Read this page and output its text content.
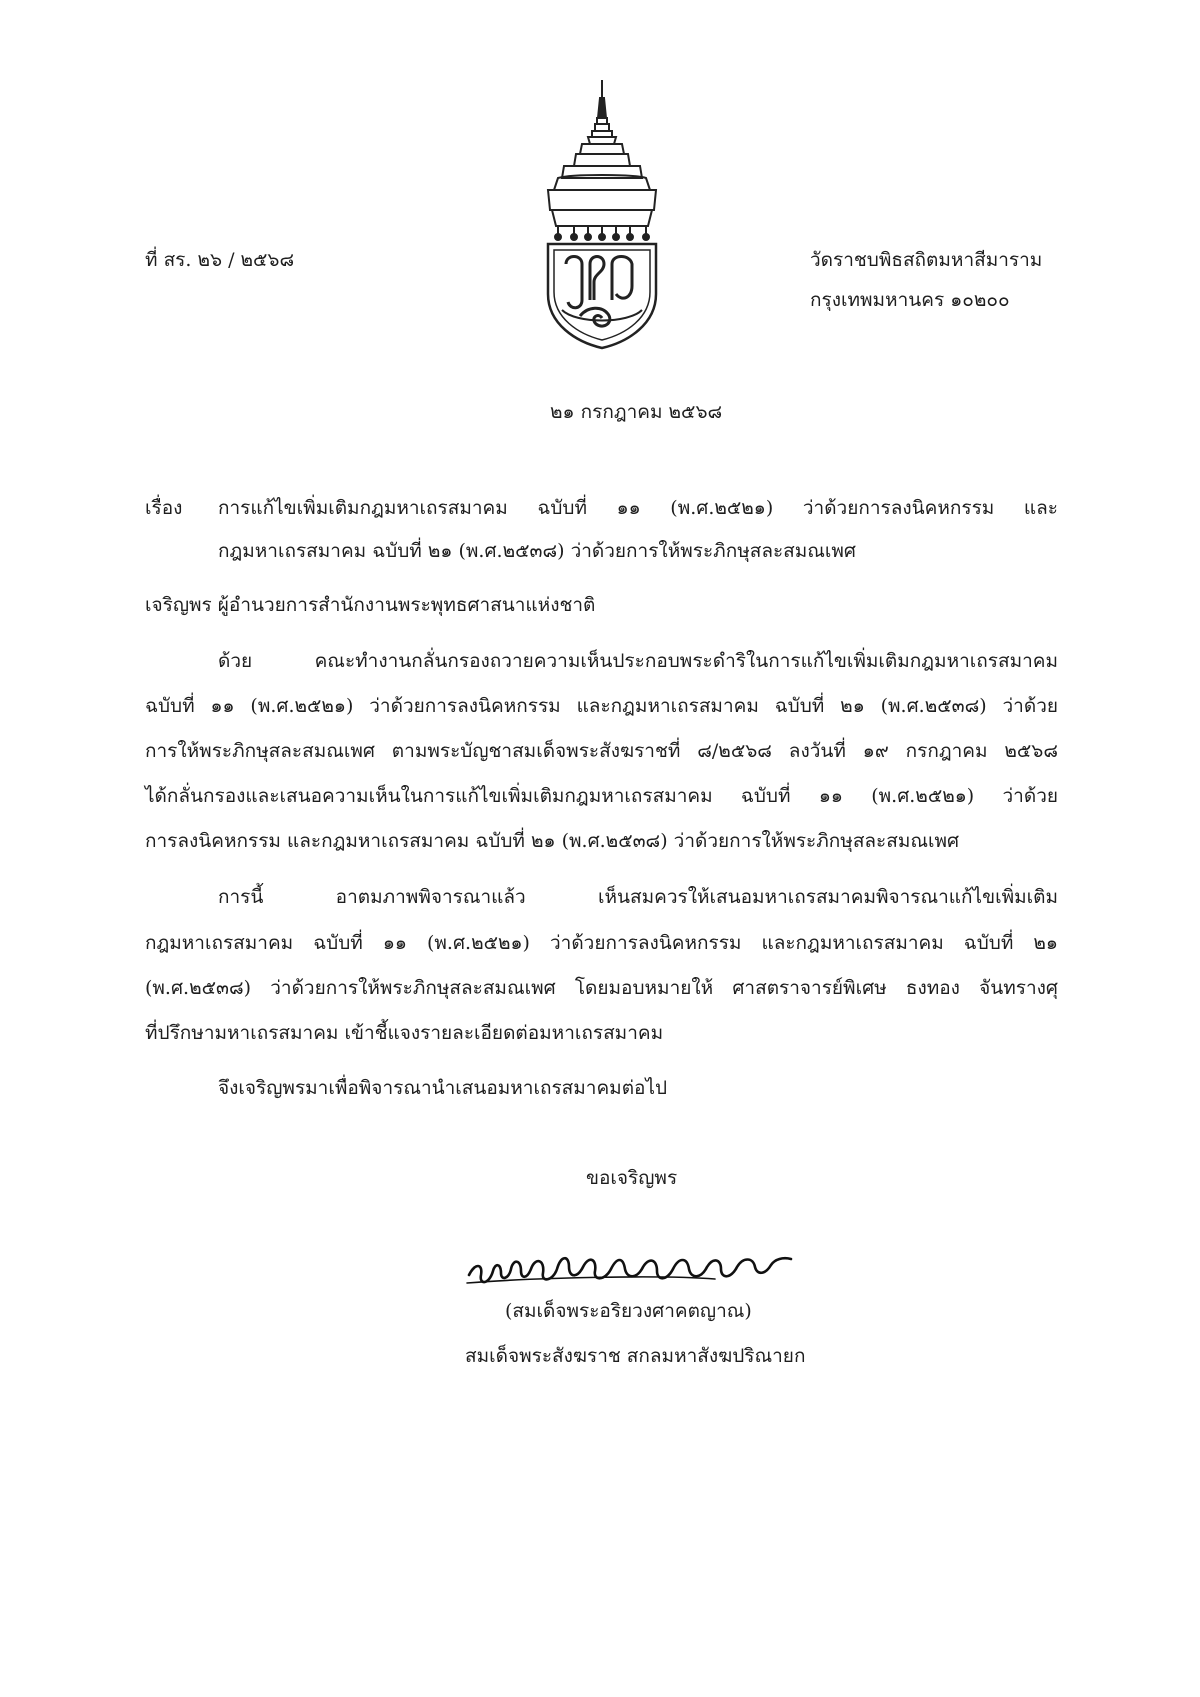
ที่ สร. ๒๖ / ๒๕๖๘	วัดราชบพิธสถิตมหาสีมาราม
กรุงเทพมหานคร ๑๐๒๐๐
๒๑ กรกฎาคม ๒๕๖๘
เรื่อง การแก้ไขเพิ่มเติมกฎมหาเถรสมาคม ฉบับที่ ๑๑ (พ.ศ.๒๕๒๑) ว่าด้วยการลงนิคหกรรม และ
กฎมหาเถรสมาคม ฉบับที่ ๒๑ (พ.ศ.๒๕๓๘) ว่าด้วยการให้พระภิกษุสละสมณเพศ
เจริญพร ผู้อำนวยการสำนักงานพระพุทธศาสนาแห่งชาติ
ด้วย คณะทำงานกลั่นกรองถวายความเห็นประกอบพระดำริในการแก้ไขเพิ่มเติมกฎมหาเถรสมาคม
ฉบับที่ ๑๑ (พ.ศ.๒๕๒๑) ว่าด้วยการลงนิคหกรรม และกฎมหาเถรสมาคม ฉบับที่ ๒๑ (พ.ศ.๒๕๓๘) ว่าด้วย
การให้พระภิกษุสละสมณเพศ ตามพระบัญชาสมเด็จพระสังฆราชที่ ๘/๒๕๖๘ ลงวันที่ ๑๙ กรกฎาคม ๒๕๖๘
ได้กลั่นกรองและเสนอความเห็นในการแก้ไขเพิ่มเติมกฎมหาเถรสมาคม ฉบับที่ ๑๑ (พ.ศ.๒๕๒๑) ว่าด้วย
การลงนิคหกรรม และกฎมหาเถรสมาคม ฉบับที่ ๒๑ (พ.ศ.๒๕๓๘) ว่าด้วยการให้พระภิกษุสละสมณเพศ
การนี้ อาตมภาพพิจารณาแล้ว เห็นสมควรให้เสนอมหาเถรสมาคมพิจารณาแก้ไขเพิ่มเติม
กฎมหาเถรสมาคม ฉบับที่ ๑๑ (พ.ศ.๒๕๒๑) ว่าด้วยการลงนิคหกรรม และกฎมหาเถรสมาคม ฉบับที่ ๒๑
(พ.ศ.๒๕๓๘) ว่าด้วยการให้พระภิกษุสละสมณเพศ โดยมอบหมายให้ ศาสตราจารย์พิเศษ ธงทอง จันทรางศุ
ที่ปรึกษามหาเถรสมาคม เข้าชี้แจงรายละเอียดต่อมหาเถรสมาคม
จึงเจริญพรมาเพื่อพิจารณานำเสนอมหาเถรสมาคมต่อไป
ขอเจริญพร
(สมเด็จพระอริยวงศาคตญาณ)
สมเด็จพระสังฆราช สกลมหาสังฆปริณายก
